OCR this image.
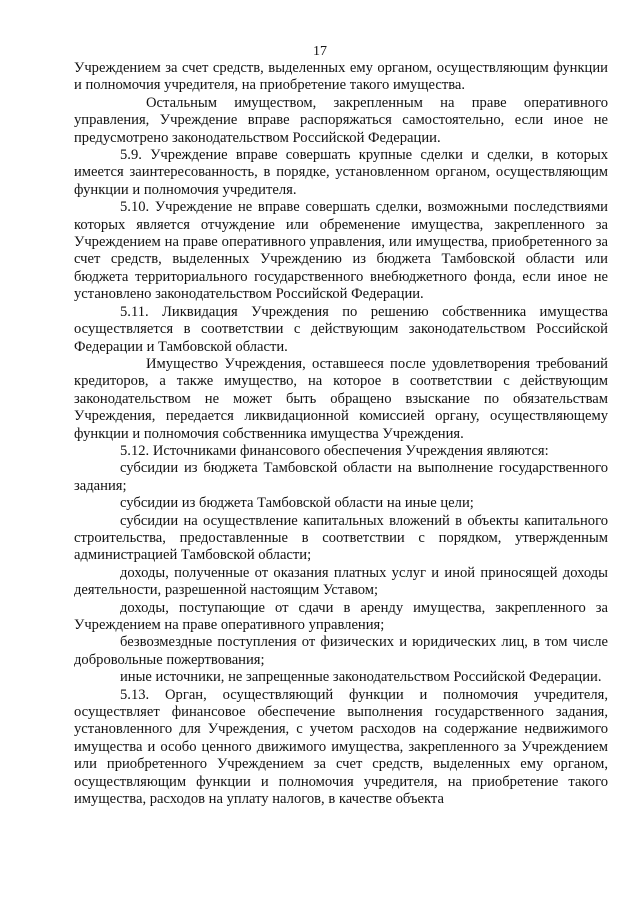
17

Учреждением за счет средств, выделенных ему органом, осуществляющим функции и полномочия учредителя, на приобретение такого имущества.

Остальным имуществом, закрепленным на праве оперативного управления, Учреждение вправе распоряжаться самостоятельно, если иное не предусмотрено законодательством Российской Федерации.

5.9. Учреждение вправе совершать крупные сделки и сделки, в которых имеется заинтересованность, в порядке, установленном органом, осуществляющим функции и полномочия учредителя.

5.10. Учреждение не вправе совершать сделки, возможными последствиями которых является отчуждение или обременение имущества, закрепленного за Учреждением на праве оперативного управления, или имущества, приобретенного за счет средств, выделенных Учреждению из бюджета Тамбовской области или бюджета территориального государственного внебюджетного фонда, если иное не установлено законодательством Российской Федерации.

5.11. Ликвидация Учреждения по решению собственника имущества осуществляется в соответствии с действующим законодательством Российской Федерации и Тамбовской области.

Имущество Учреждения, оставшееся после удовлетворения требований кредиторов, а также имущество, на которое в соответствии с действующим законодательством не может быть обращено взыскание по обязательствам Учреждения, передается ликвидационной комиссией органу, осуществляющему функции и полномочия собственника имущества Учреждения.

5.12. Источниками финансового обеспечения Учреждения являются:

субсидии из бюджета Тамбовской области на выполнение государственного задания;

субсидии из бюджета Тамбовской области на иные цели;

субсидии на осуществление капитальных вложений в объекты капитального строительства, предоставленные в соответствии с порядком, утвержденным администрацией Тамбовской области;

доходы, полученные от оказания платных услуг и иной приносящей доходы деятельности, разрешенной настоящим Уставом;

доходы, поступающие от сдачи в аренду имущества, закрепленного за Учреждением на праве оперативного управления;

безвозмездные поступления от физических и юридических лиц, в том числе добровольные пожертвования;

иные источники, не запрещенные законодательством Российской Федерации.

5.13. Орган, осуществляющий функции и полномочия учредителя, осуществляет финансовое обеспечение выполнения государственного задания, установленного для Учреждения, с учетом расходов на содержание недвижимого имущества и особо ценного движимого имущества, закрепленного за Учреждением или приобретенного Учреждением за счет средств, выделенных ему органом, осуществляющим функции и полномочия учредителя, на приобретение такого имущества, расходов на уплату налогов, в качестве объекта
